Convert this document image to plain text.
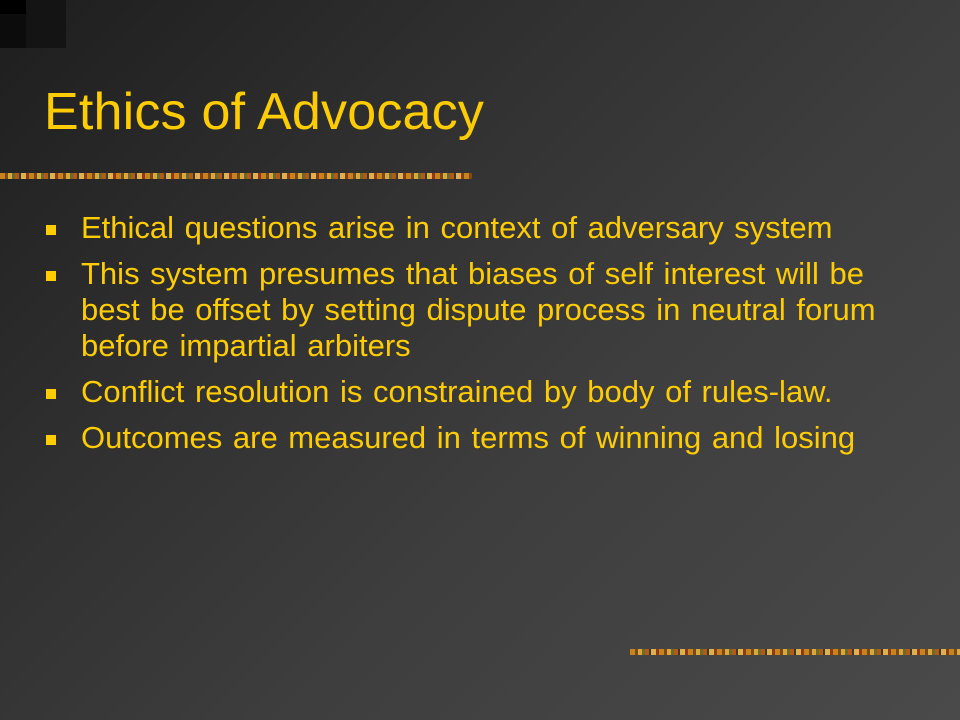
Ethics of Advocacy
Ethical questions arise in context of adversary system
This system presumes that biases of self interest will be best be offset by setting dispute process in neutral forum before impartial arbiters
Conflict resolution is constrained by body of rules-law.
Outcomes are measured in terms of winning and losing
